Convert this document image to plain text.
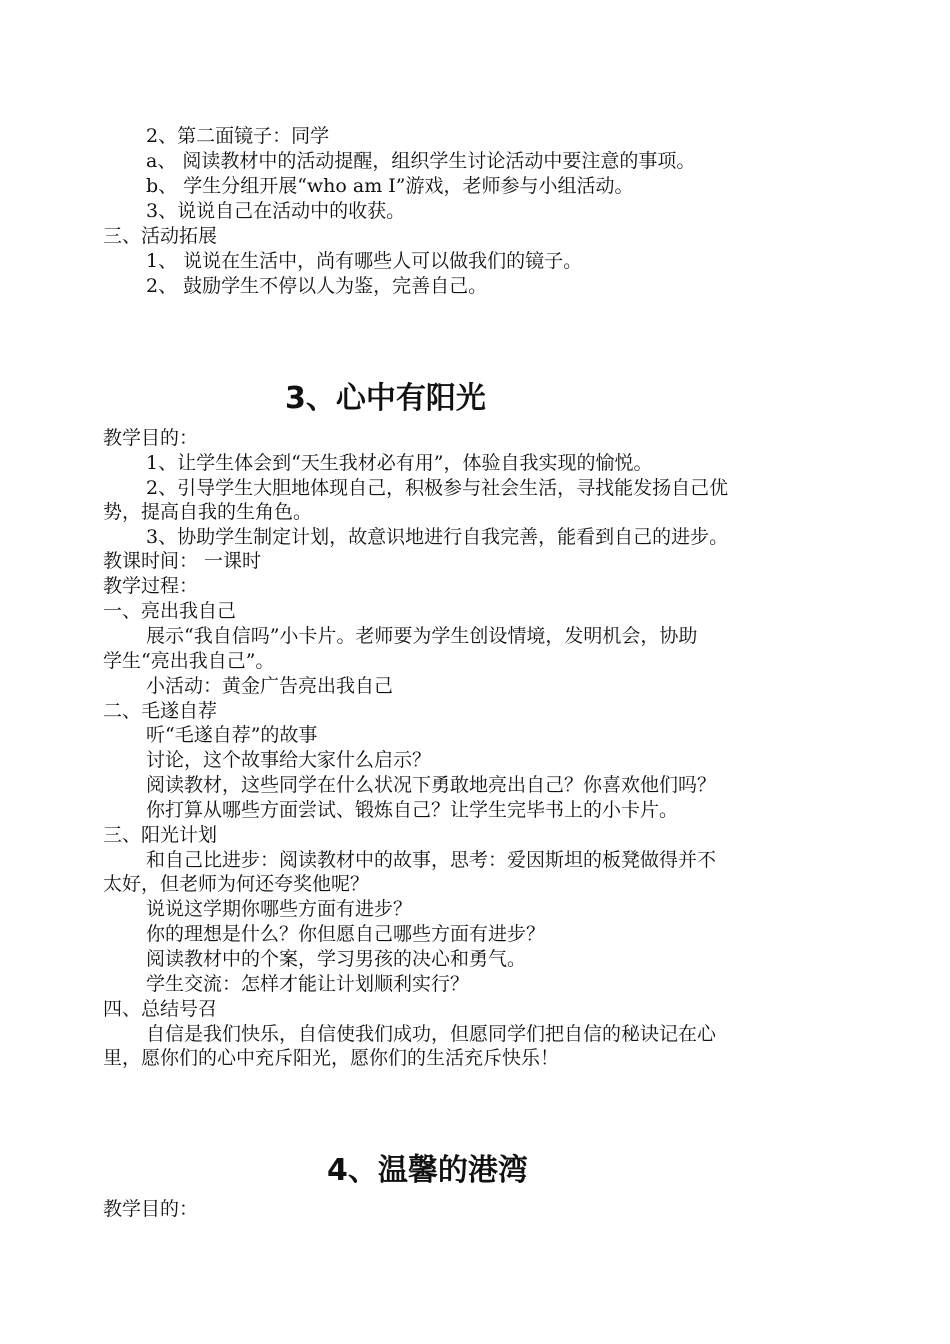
2、第二面镜子：同学
a、 阅读教材中的活动提醒，组织学生讨论活动中要注意的事项。
b、 学生分组开展“who am I”游戏，老师参与小组活动。
3、说说自己在活动中的收获。
三、活动拓展
1、 说说在生活中，尚有哪些人可以做我们的镜子。
2、 鼓励学生不停以人为鉴，完善自己。
3、心中有阳光
教学目的：
1、让学生体会到“天生我材必有用”，体验自我实现的愉悦。
2、引导学生大胆地体现自己，积极参与社会生活，寻找能发扬自己优
势，提高自我的生角色。
3、协助学生制定计划，故意识地进行自我完善，能看到自己的进步。
教课时间： 一课时
教学过程：
一、亮出我自己
展示“我自信吗”小卡片。老师要为学生创设情境，发明机会，协助
学生“亮出我自己”。
小活动：黄金广告亮出我自己
二、毛遂自荐
听“毛遂自荐”的故事
讨论，这个故事给大家什么启示？
阅读教材，这些同学在什么状况下勇敢地亮出自己？你喜欢他们吗？
你打算从哪些方面尝试、锻炼自己？让学生完毕书上的小卡片。
三、阳光计划
和自己比进步：阅读教材中的故事，思考：爱因斯坦的板凳做得并不
太好，但老师为何还夸奖他呢？
说说这学期你哪些方面有进步？
你的理想是什么？你但愿自己哪些方面有进步？
阅读教材中的个案，学习男孩的决心和勇气。
学生交流：怎样才能让计划顺利实行？
四、总结号召
自信是我们快乐，自信使我们成功，但愿同学们把自信的秘诀记在心
里，愿你们的心中充斥阳光，愿你们的生活充斥快乐！
4、温馨的港湾
教学目的：
